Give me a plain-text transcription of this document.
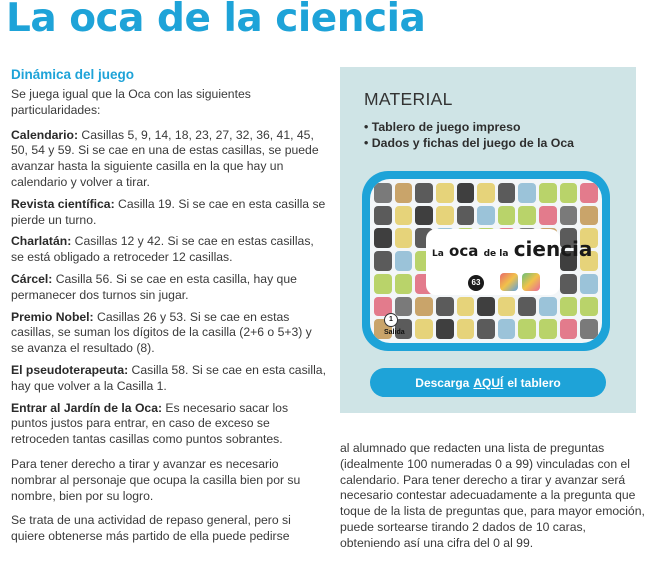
La oca de la ciencia
Dinámica del juego

Se juega igual que la Oca con las siguientes particularidades:

Calendario: Casillas 5, 9, 14, 18, 23, 27, 32, 36, 41, 45, 50, 54 y 59. Si se cae en una de estas casillas, se puede avanzar hasta la siguiente casilla en la que hay un calendario y volver a tirar.

Revista científica: Casilla 19. Si se cae en esta casilla se pierde un turno.

Charlatán: Casillas 12 y 42. Si se cae en estas casillas, se está obligado a retroceder 12 casillas.

Cárcel: Casilla 56. Si se cae en esta casilla, hay que permanecer dos turnos sin jugar.

Premio Nobel: Casillas 26 y 53. Si se cae en estas casillas, se suman los dígitos de la casilla (2+6 o 5+3) y se avanza el resultado (8).

El pseudoterapeuta: Casilla 58. Si se cae en esta casilla, hay que volver a la Casilla 1.

Entrar al Jardín de la Oca: Es necesario sacar los puntos justos para entrar, en caso de exceso se retroceden tantas casillas como puntos sobrantes.

Para tener derecho a tirar y avanzar es necesario nombrar al personaje que ocupa la casilla bien por su nombre, bien por su logro.

Se trata de una actividad de repaso general, pero si quiere obtenerse más partido de ella puede pedirse

MATERIAL
• Tablero de juego impreso
• Dados y fichas del juego de la Oca
La oca de la ciencia
63
1
Salida
Descarga AQUÍ el tablero

al alumnado que redacten una lista de preguntas (idealmente 100 numeradas 0 a 99) vinculadas con el calendario. Para tener derecho a tirar y avanzar será necesario contestar adecuadamente a la pregunta que toque de la lista de preguntas que, para mayor emoción, puede sortearse tirando 2 dados de 10 caras, obteniendo así una cifra del 0 al 99.
